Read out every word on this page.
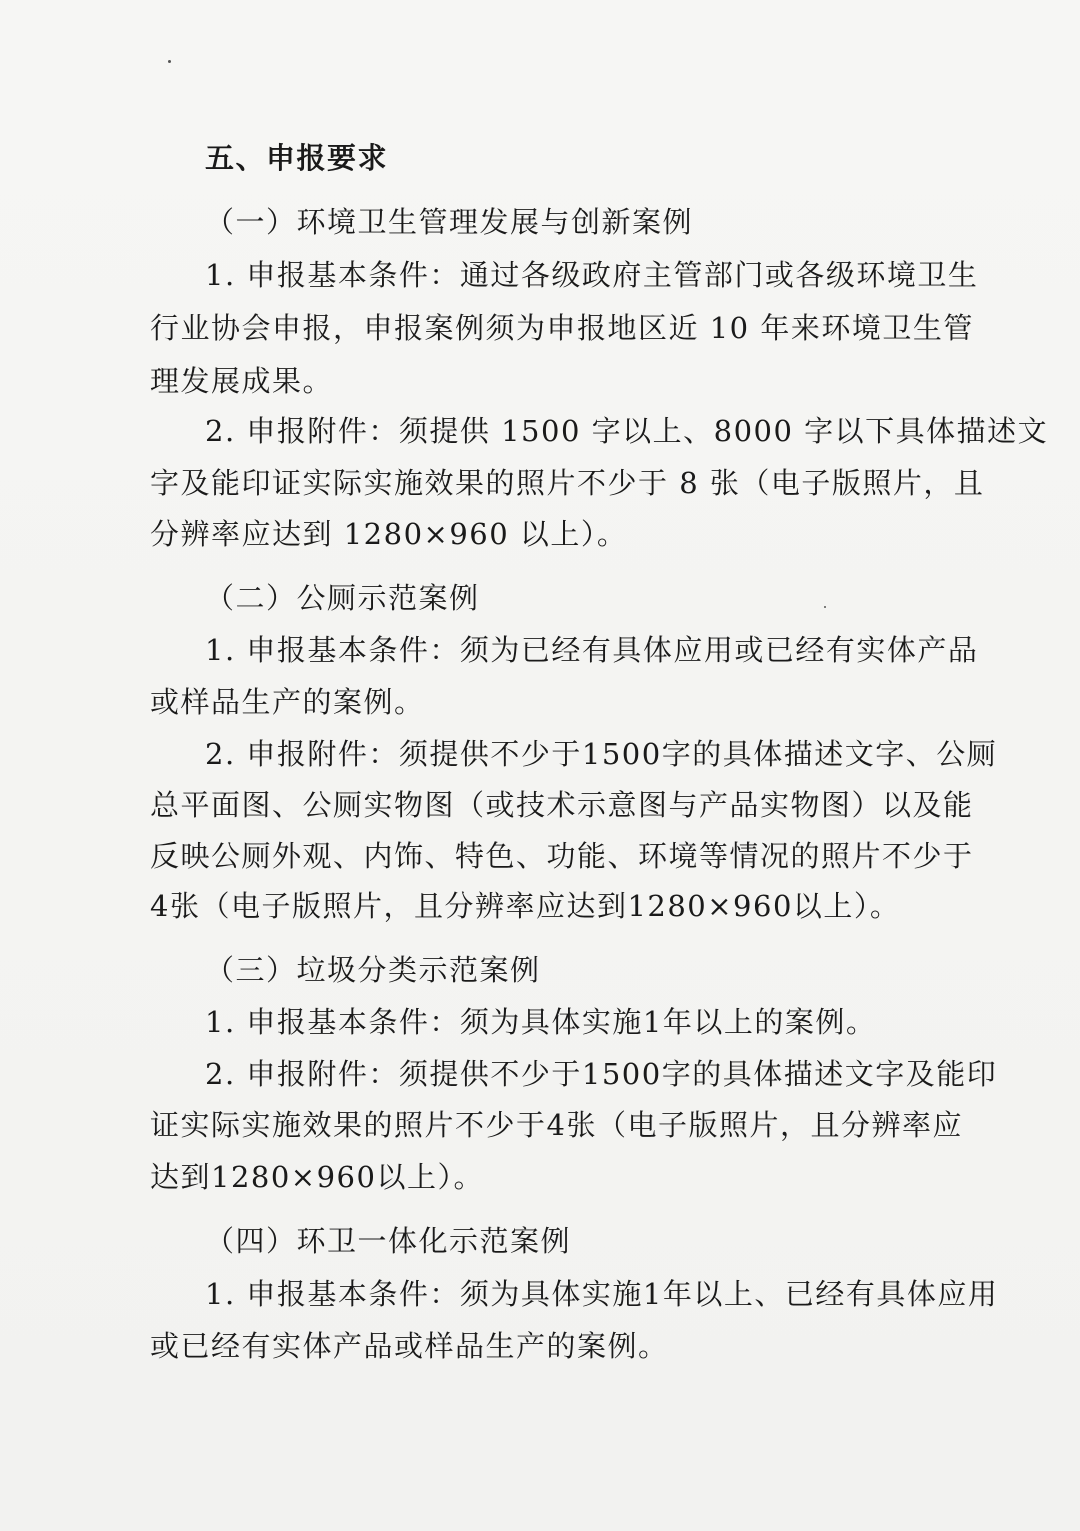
五、申报要求
（一）环境卫生管理发展与创新案例
1. 申报基本条件：通过各级政府主管部门或各级环境卫生
行业协会申报，申报案例须为申报地区近 10 年来环境卫生管
理发展成果。
2. 申报附件：须提供 1500 字以上、8000 字以下具体描述文
字及能印证实际实施效果的照片不少于 8 张（电子版照片，且
分辨率应达到 1280×960 以上）。
（二）公厕示范案例
1. 申报基本条件：须为已经有具体应用或已经有实体产品
或样品生产的案例。
2. 申报附件：须提供不少于1500字的具体描述文字、公厕
总平面图、公厕实物图（或技术示意图与产品实物图）以及能
反映公厕外观、内饰、特色、功能、环境等情况的照片不少于
4张（电子版照片，且分辨率应达到1280×960以上）。
（三）垃圾分类示范案例
1. 申报基本条件：须为具体实施1年以上的案例。
2. 申报附件：须提供不少于1500字的具体描述文字及能印
证实际实施效果的照片不少于4张（电子版照片，且分辨率应
达到1280×960以上）。
（四）环卫一体化示范案例
1. 申报基本条件：须为具体实施1年以上、已经有具体应用
或已经有实体产品或样品生产的案例。
